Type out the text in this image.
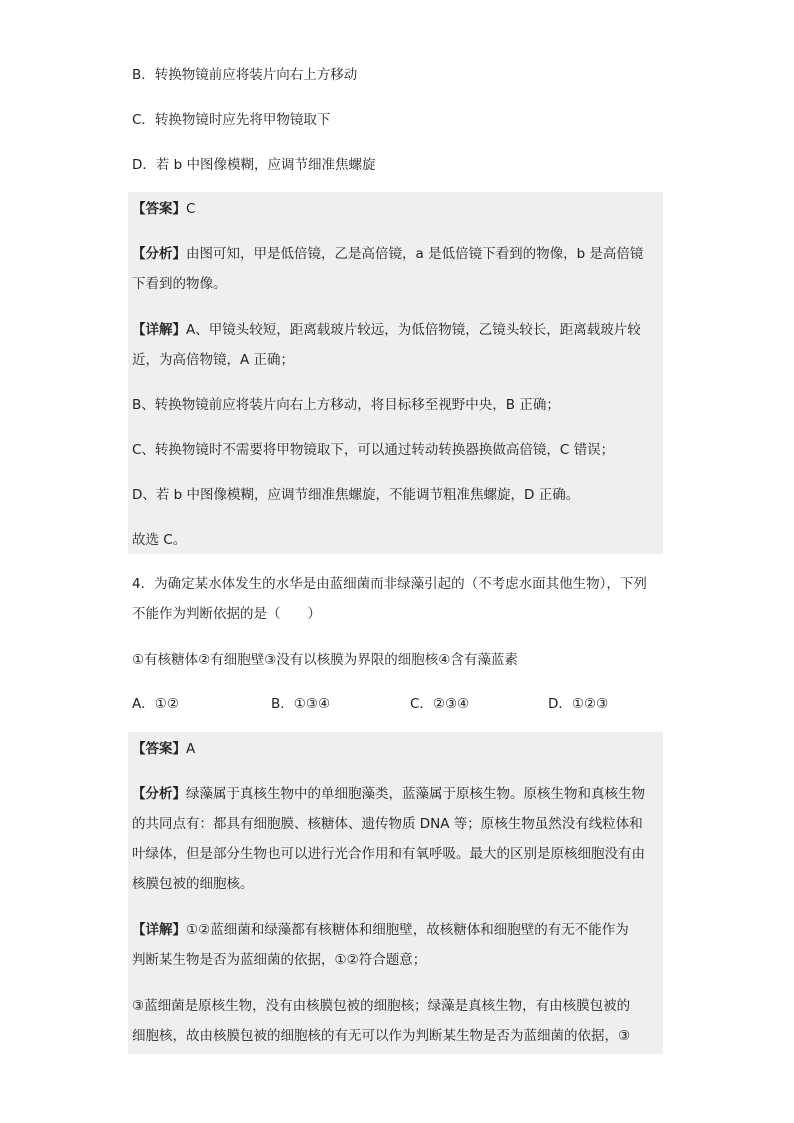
B．转换物镜前应将装片向右上方移动
C．转换物镜时应先将甲物镜取下
D．若 b 中图像模糊，应调节细准焦螺旋
【答案】C
【分析】由图可知，甲是低倍镜，乙是高倍镜，a 是低倍镜下看到的物像，b 是高倍镜
下看到的物像。
【详解】A、甲镜头较短，距离载玻片较远，为低倍物镜，乙镜头较长，距离载玻片较
近，为高倍物镜，A 正确；
B、转换物镜前应将装片向右上方移动，将目标移至视野中央，B 正确；
C、转换物镜时不需要将甲物镜取下，可以通过转动转换器换做高倍镜，C 错误；
D、若 b 中图像模糊，应调节细准焦螺旋，不能调节粗准焦螺旋，D 正确。
故选 C。
4．为确定某水体发生的水华是由蓝细菌而非绿藻引起的（不考虑水面其他生物），下列
不能作为判断依据的是（　　）
①有核糖体②有细胞壁③没有以核膜为界限的细胞核④含有藻蓝素
A．①②	B．①③④	C．②③④	D．①②③
【答案】A
【分析】绿藻属于真核生物中的单细胞藻类，蓝藻属于原核生物。原核生物和真核生物
的共同点有：都具有细胞膜、核糖体、遗传物质 DNA 等；原核生物虽然没有线粒体和
叶绿体，但是部分生物也可以进行光合作用和有氧呼吸。最大的区别是原核细胞没有由
核膜包被的细胞核。
【详解】①②蓝细菌和绿藻都有核糖体和细胞壁，故核糖体和细胞壁的有无不能作为
判断某生物是否为蓝细菌的依据，①②符合题意；
③蓝细菌是原核生物，没有由核膜包被的细胞核；绿藻是真核生物，有由核膜包被的
细胞核，故由核膜包被的细胞核的有无可以作为判断某生物是否为蓝细菌的依据，③
